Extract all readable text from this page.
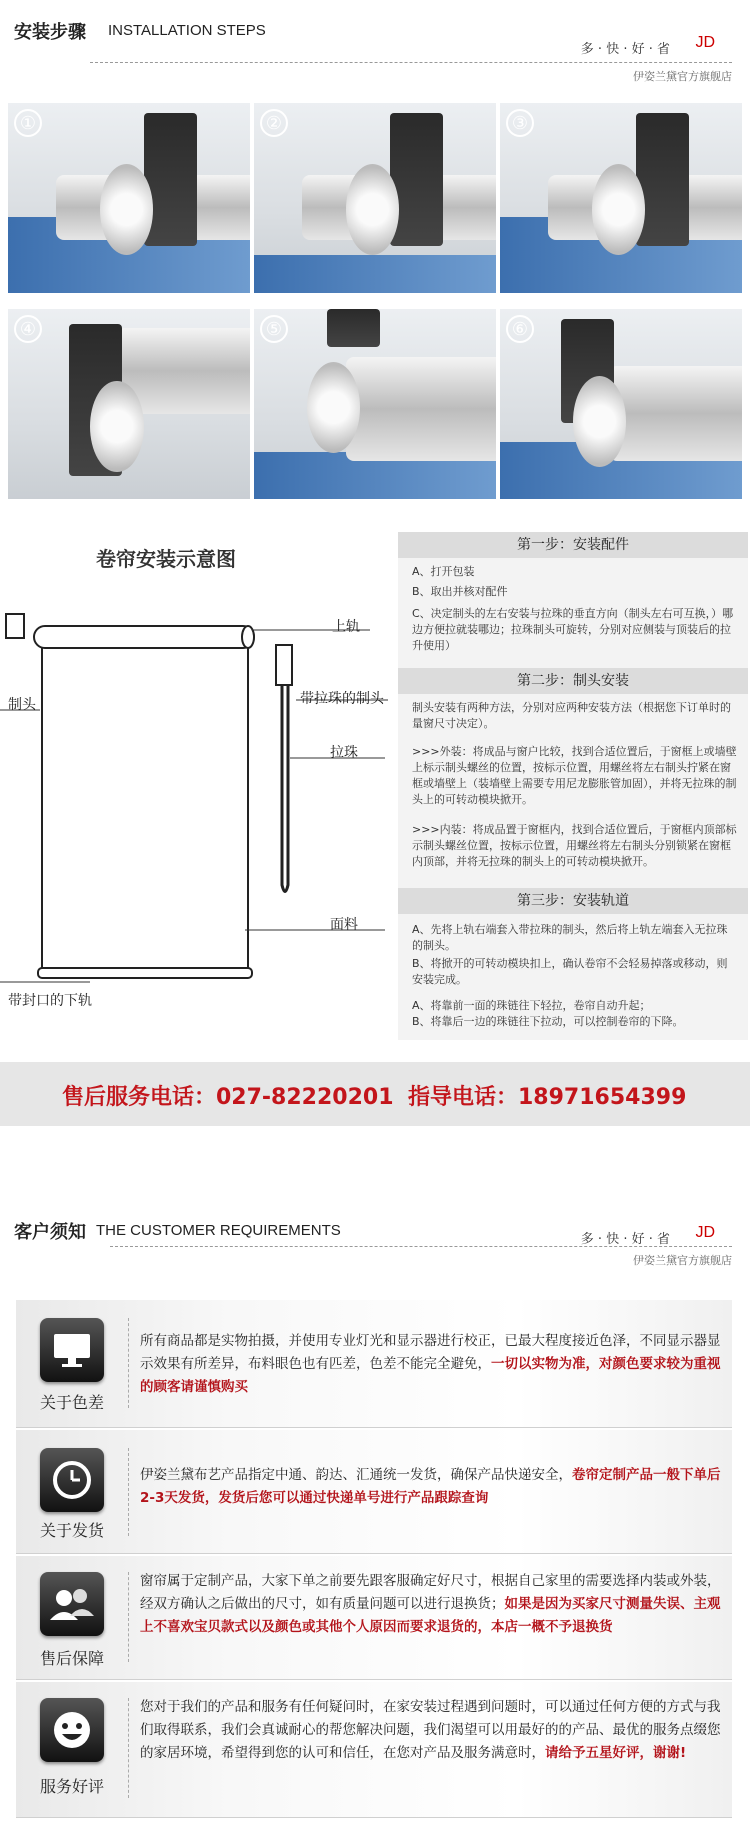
安装步骤 INSTALLATION STEPS
多 · 快 · 好 · 省 JD
伊姿兰黛官方旗舰店
①	②	③
④	⑤	⑥
卷帘安装示意图
上轨
带拉珠的制头
制头
拉珠
面料
带封口的下轨
第一步：安装配件
A、打开包装
B、取出并核对配件
C、决定制头的左右安装与拉珠的垂直方向（制头左右可互换，）哪边方便拉就装哪边；拉珠制头可旋转，分别对应侧装与顶装后的拉升使用）
第二步：制头安装
制头安装有两种方法，分别对应两种安装方法（根据您下订单时的量窗尺寸决定）。
>>>外装：将成品与窗户比较，找到合适位置后，于窗框上或墙壁上标示制头螺丝的位置，按标示位置，用螺丝将左右制头拧紧在窗框或墙壁上（装墙壁上需要专用尼龙膨胀管加固），并将无拉珠的制头上的可转动模块掀开。
>>>内装：将成品置于窗框内，找到合适位置后，于窗框内顶部标示制头螺丝位置，按标示位置，用螺丝将左右制头分别锁紧在窗框内顶部，并将无拉珠的制头上的可转动模块掀开。
第三步：安装轨道
A、先将上轨右端套入带拉珠的制头，然后将上轨左端套入无拉珠的制头。
B、将掀开的可转动模块扣上，确认卷帘不会轻易掉落或移动，则安装完成。
A、将靠前一面的珠链往下轻拉，卷帘自动升起；
B、将靠后一边的珠链往下拉动，可以控制卷帘的下降。
售后服务电话：027-82220201 指导电话：18971654399
客户须知 THE CUSTOMER REQUIREMENTS
多 · 快 · 好 · 省 JD
伊姿兰黛官方旗舰店
关于色差
所有商品都是实物拍摄，并使用专业灯光和显示器进行校正，已最大程度接近色泽，不同显示器显示效果有所差异，布料眼色也有匹差，色差不能完全避免，一切以实物为准，对颜色要求较为重视的顾客请谨慎购买
关于发货
伊姿兰黛布艺产品指定中通、韵达、汇通统一发货，确保产品快递安全，卷帘定制产品一般下单后2-3天发货，发货后您可以通过快递单号进行产品跟踪查询
售后保障
窗帘属于定制产品，大家下单之前要先跟客服确定好尺寸，根据自己家里的需要选择内装或外装，经双方确认之后做出的尺寸，如有质量问题可以进行退换货；如果是因为买家尺寸测量失误、主观上不喜欢宝贝款式以及颜色或其他个人原因而要求退货的，本店一概不予退换货
服务好评
您对于我们的产品和服务有任何疑问时，在家安装过程遇到问题时，可以通过任何方便的方式与我们取得联系，我们会真诚耐心的帮您解决问题，我们渴望可以用最好的的产品、最优的服务点缀您的家居环境，希望得到您的认可和信任，在您对产品及服务满意时，请给予五星好评，谢谢!
